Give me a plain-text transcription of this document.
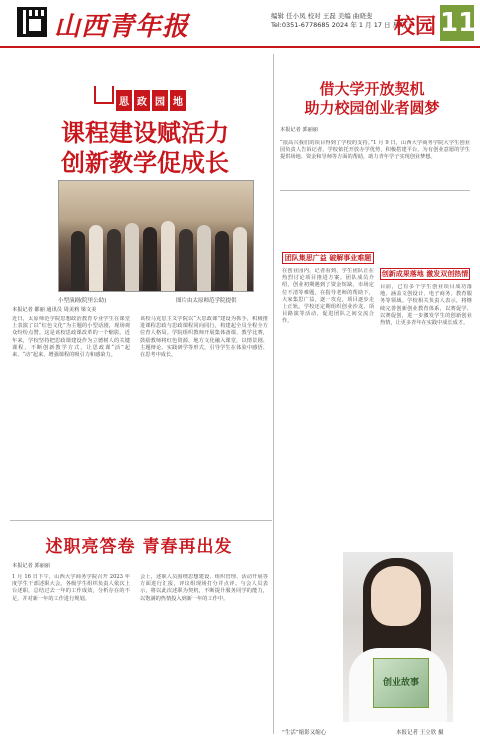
山西青年报	编辑 任小凤 校对 王磊 美编 曲晓斐
Tel:0351-6778685 2024 年 1 月 17 日 星期三
校园 11
思 政 园 地
课程建设赋活力
创新教学促成长
小型演剧(院里公助)	图片由太原师范学院提供
本报记者 都丽 通讯员 周美莉 梁文美
近日，太原师范学院思想政治教育专业学生在课堂上表演了以“红色文化”为主题的小型话剧，现场观众纷纷点赞。这是该校思政课改革的一个缩影。近年来，学校坚持把思政课建设作为立德树人的关键课程，不断创新教学方式，让思政课“活”起来、“动”起来，增强课程的吸引力和感染力。
该校马克思主义学院以“大思政课”建设为抓手，积极推进课程思政与思政课程同向同行，构建起全员全程全方位育人格局。学院组织教师开展集体备课、教学比赛，鼓励教师将红色资源、地方文化融入课堂，以情景剧、主题辩论、实践研学等形式，引导学生在体验中感悟、在思考中成长。
述职亮答卷 青春再出发
本报记者 郭丽丽
1 月 16 日下午，山西大学商务学院召开 2023 年度学生干部述职大会。各级学生组织负责人依次上台述职，总结过去一年的工作成效，分析存在的不足，并对新一年的工作进行规划。
会上，述职人员围绕思想建设、组织管理、活动开展等方面进行汇报，评议组现场打分并点评。与会人员表示，将以此次述职为契机，不断提升服务同学的能力，以饱满的热情投入到新一年的工作中。
借大学开放契机
助力校园创业者圆梦
本报记者 郭丽丽
“很高兴我们的项目得到了学校的支持。”1 月 9 日，山西大学商务学院大学生创业园负责人告诉记者，学校依托开放办学优势，积极搭建平台，为有创业意愿的学生提供场地、资金和导师等方面的帮助，助力青年学子实现创业梦想。
团队集思广益 破解事业难题
创新成果落地 激发双创热情
在创业园内，记者看到，学生团队正在热烈讨论项目推进方案。团队成员介绍，创业初期遇到了资金短缺、市场定位不清等难题，在指导老师的帮助下，大家集思广益，逐一攻克，项目逐步走上正轨。学校还定期组织创业沙龙、项目路演等活动，促进团队之间交流合作。
目前，已有多个学生创业项目成功落地，涵盖文创设计、电子商务、教育服务等领域。学校相关负责人表示，将继续完善创新创业教育体系，以赛促学、以赛促创，进一步激发学生的创新创业热情，让更多青年在实践中成长成才。
创业故事
“生活”缩影又缩心	本报记者 王立欣 摄
